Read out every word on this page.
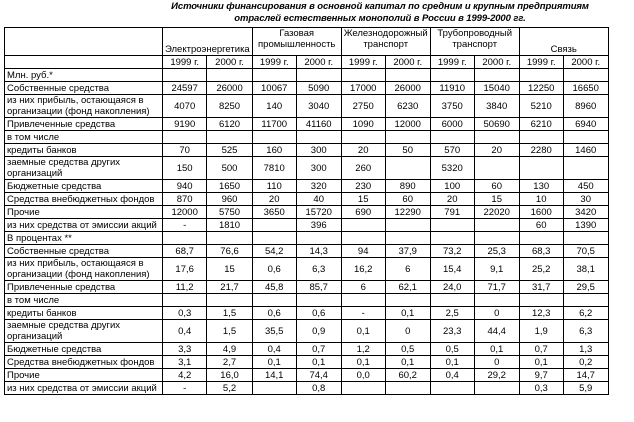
Источники финансирования в основной капитал по средним и крупным предприятиям отраслей естественных монополий в России в 1999-2000 гг.
	Электроэнергетика		Газовая промышленность		Железнодорожный транспорт		Трубопроводный транспорт		Связь	
	1999 г.	2000 г.	1999 г.	2000 г.	1999 г.	2000 г.	1999 г.	2000 г.	1999 г.	2000 г.
Млн. руб.*										
Собственные средства	24597	26000	10067	5090	17000	26000	11910	15040	12250	16650
из них прибыль, остающаяся в организации (фонд накопления)	4070	8250	140	3040	2750	6230	3750	3840	5210	8960
Привлеченные средства	9190	6120	11700	41160	1090	12000	6000	50690	6210	6940
в том числе										
кредиты банков	70	525	160	300	20	50	570	20	2280	1460
заемные средства других организаций	150	500	7810	300	260		5320			
Бюджетные средства	940	1650	110	320	230	890	100	60	130	450
Средства внебюджетных фондов	870	960	20	40	15	60	20	15	10	30
Прочие	12000	5750	3650	15720	690	12290	791	22020	1600	3420
из них средства от эмиссии акций	-	1810		396					60	1390
В процентах **										
Собственные средства	68,7	76,6	54,2	14,3	94	37,9	73,2	25,3	68,3	70,5
из них прибыль, остающаяся в организации (фонд накопления)	17,6	15	0,6	6,3	16,2	6	15,4	9,1	25,2	38,1
Привлеченные средства	11,2	21,7	45,8	85,7	6	62,1	24,0	71,7	31,7	29,5
в том числе										
кредиты банков	0,3	1,5	0,6	0,6	-	0,1	2,5	0	12,3	6,2
заемные средства других организаций	0,4	1,5	35,5	0,9	0,1	0	23,3	44,4	1,9	6,3
Бюджетные средства	3,3	4,9	0,4	0,7	1,2	0,5	0,5	0,1	0,7	1,3
Средства внебюджетных фондов	3,1	2,7	0,1	0,1	0,1	0,1	0,1	0	0,1	0,2
Прочие	4,2	16,0	14,1	74,4	0,0	60,2	0,4	29,2	9,7	14,7
из них средства от эмиссии акций	-	5,2		0,8					0,3	5,9
